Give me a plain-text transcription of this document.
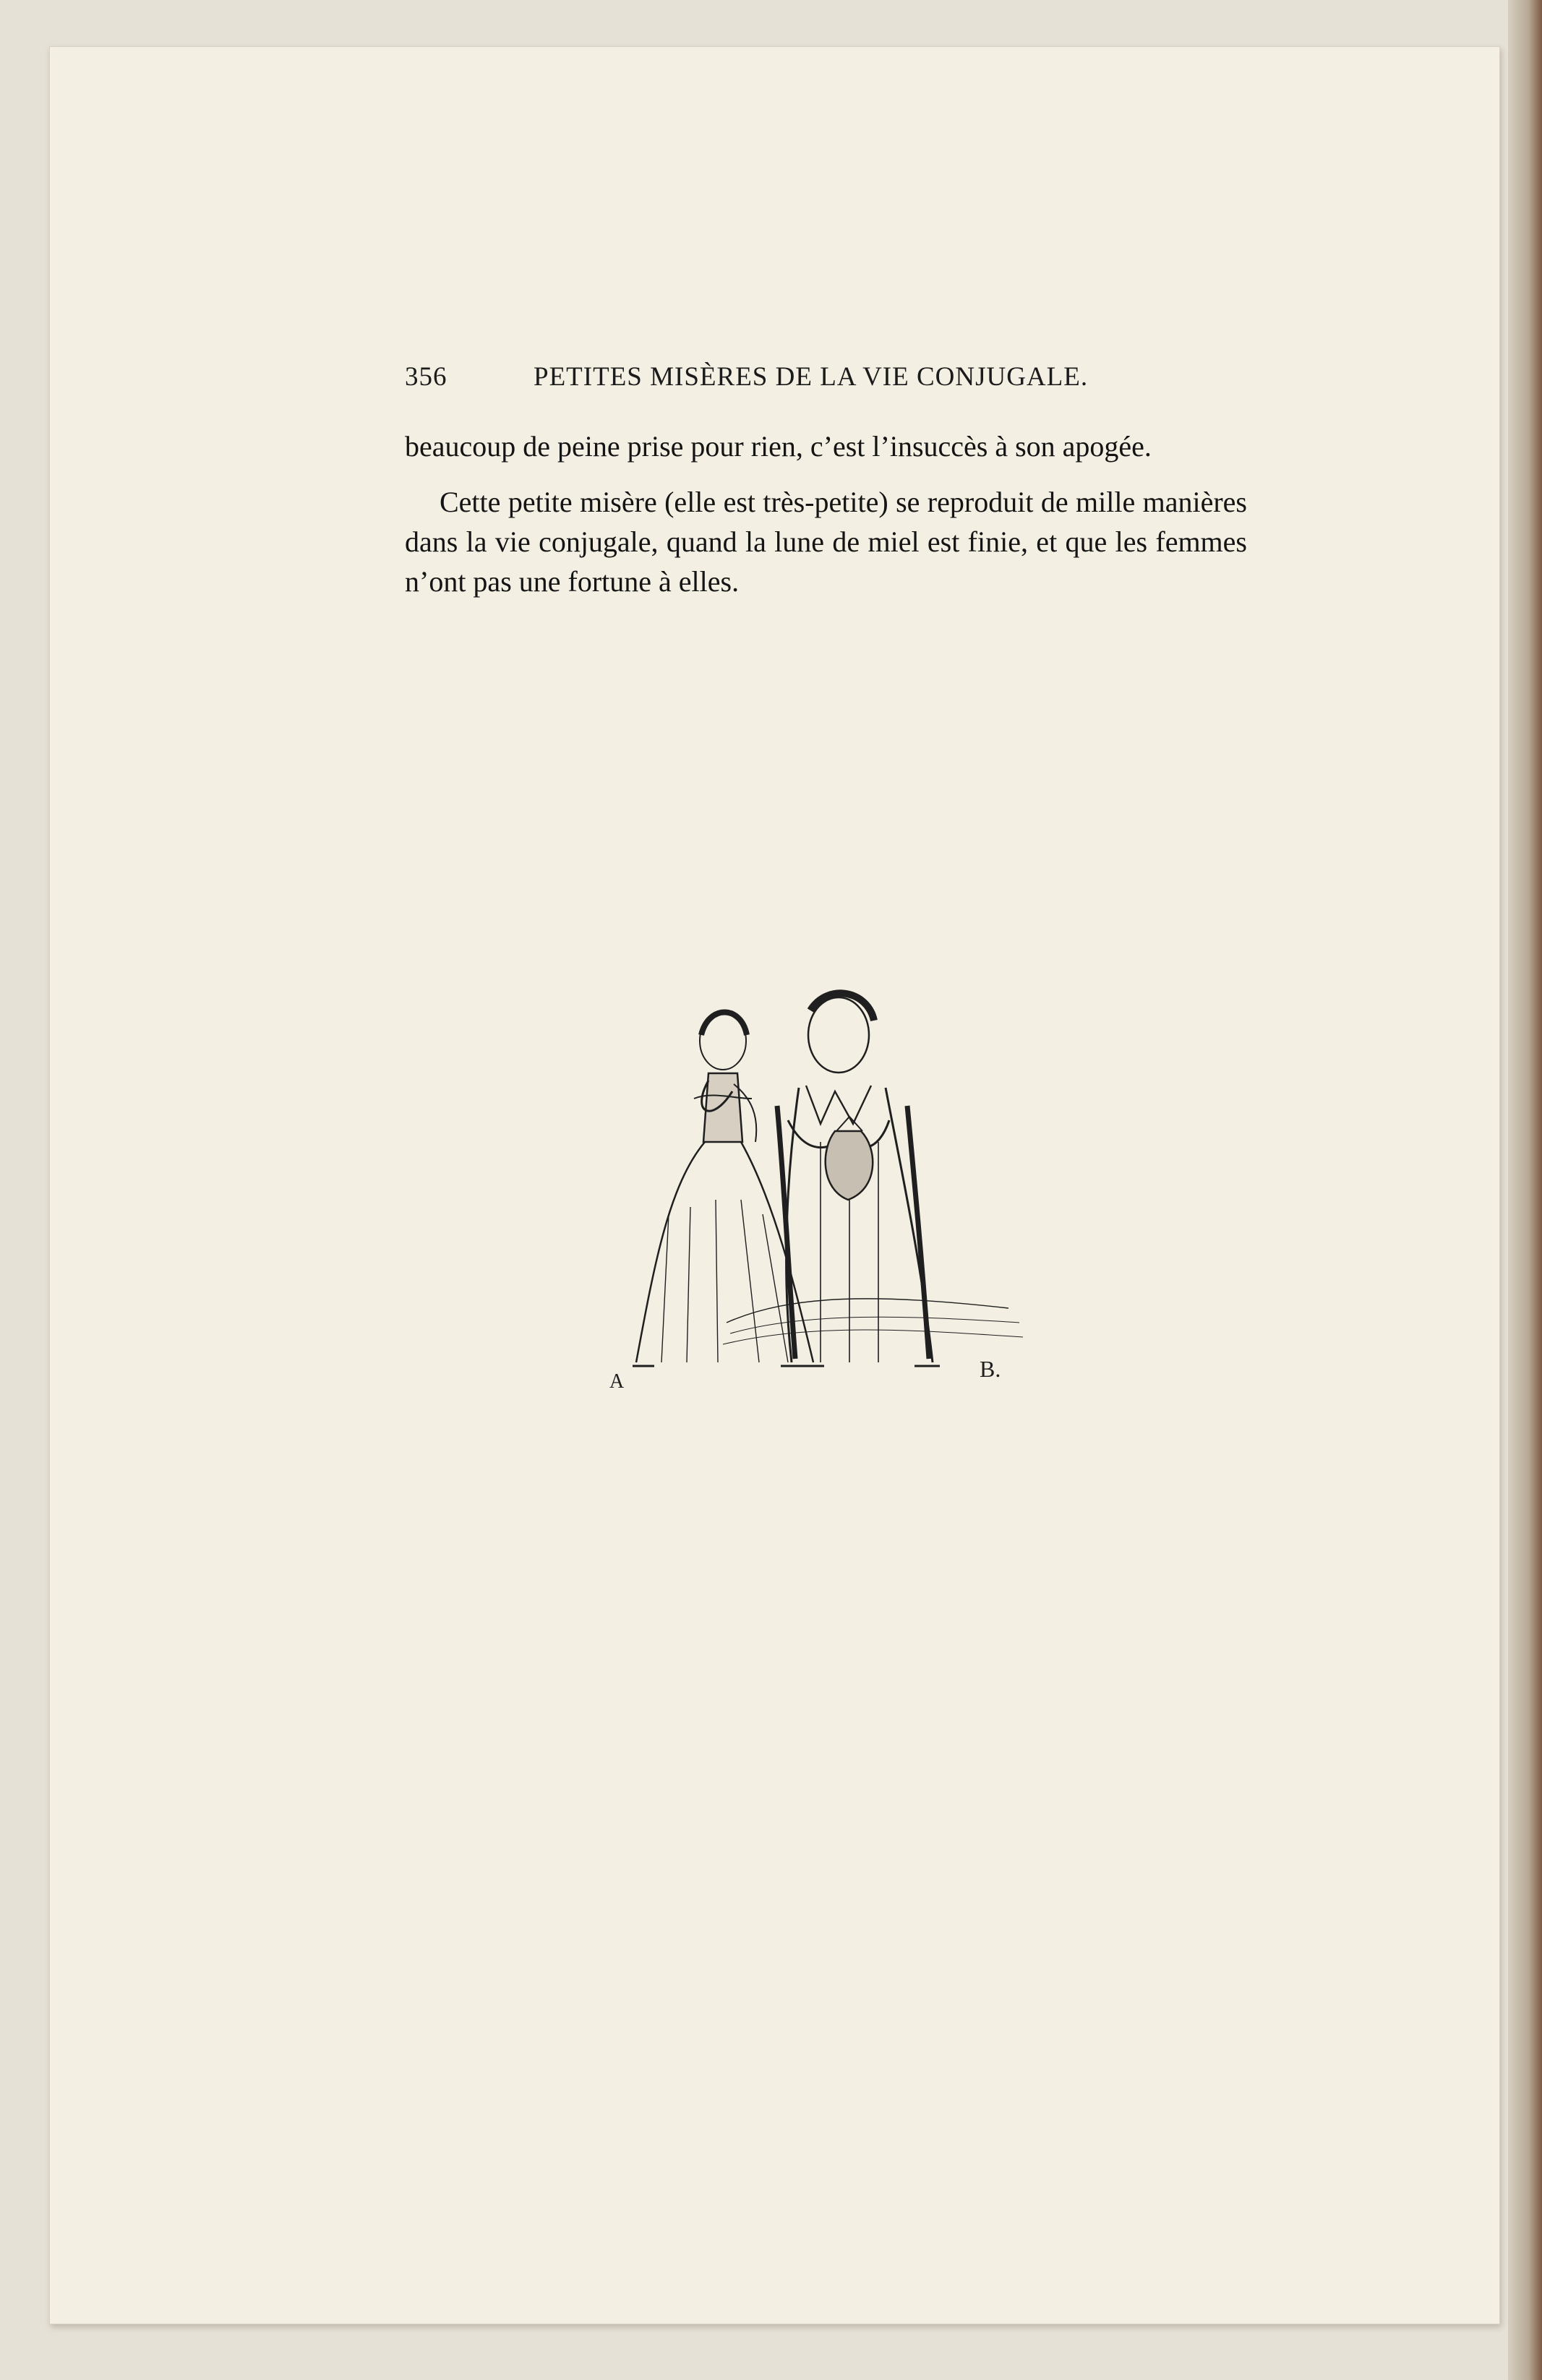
356	PETITES MISÈRES DE LA VIE CONJUGALE.

beaucoup de peine prise pour rien, c’est l’insuccès à son apogée.

Cette petite misère (elle est très-petite) se reproduit de mille manières dans la vie conjugale, quand la lune de miel est finie, et que les femmes n’ont pas une fortune à elles.

A	B.
